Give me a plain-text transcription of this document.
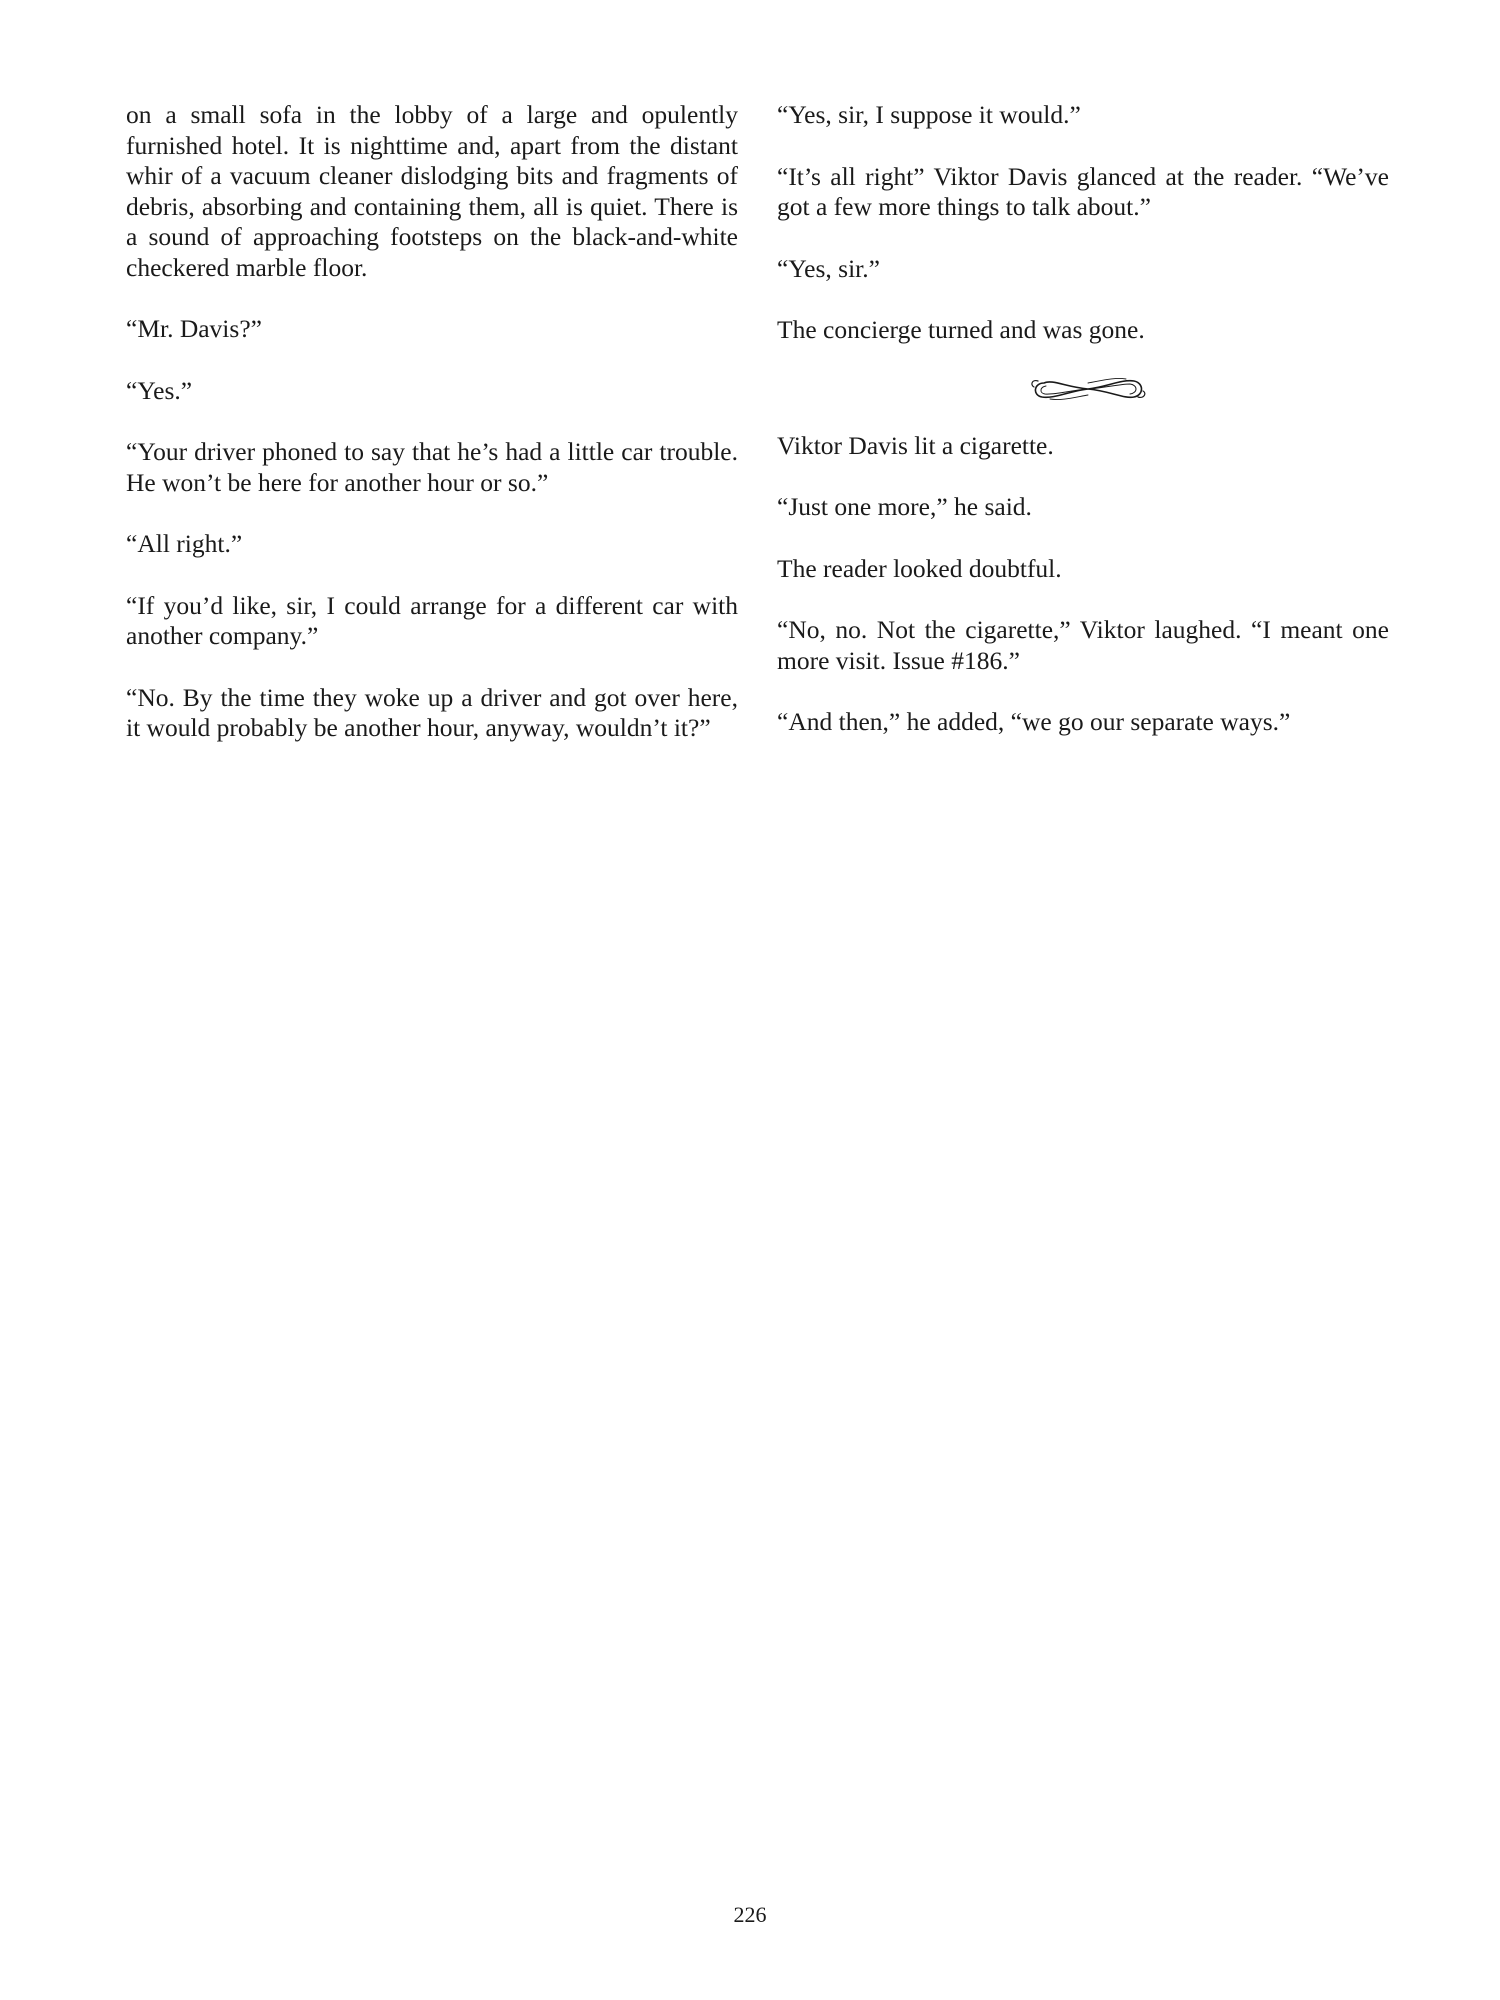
on a small sofa in the lobby of a large and opulently furnished hotel. It is nighttime and, apart from the distant whir of a vacuum cleaner dislodging bits and fragments of debris, absorbing and containing them, all is quiet. There is a sound of approaching footsteps on the black-and-white checkered marble floor.

“Mr. Davis?”

“Yes.”

“Your driver phoned to say that he’s had a little car trouble. He won’t be here for another hour or so.”

“All right.”

“If you’d like, sir, I could arrange for a different car with another company.”

“No. By the time they woke up a driver and got over here, it would probably be another hour, anyway, wouldn’t it?”

“Yes, sir, I suppose it would.”

“It’s all right” Viktor Davis glanced at the reader. “We’ve got a few more things to talk about.”

“Yes, sir.”

The concierge turned and was gone.

Viktor Davis lit a cigarette.

“Just one more,” he said.

The reader looked doubtful.

“No, no. Not the cigarette,” Viktor laughed. “I meant one more visit. Issue #186.”

“And then,” he added, “we go our separate ways.”

226
